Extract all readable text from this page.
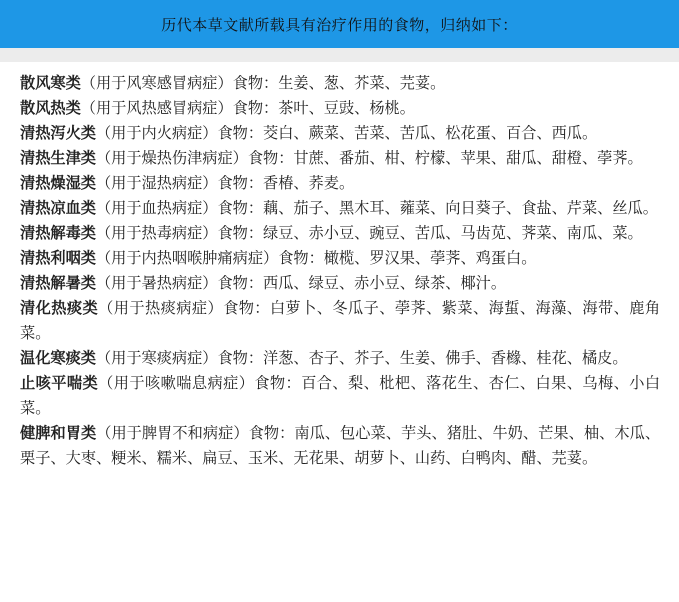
历代本草文献所载具有治疗作用的食物，归纳如下：

散风寒类（用于风寒感冒病症）食物：生姜、葱、芥菜、芫荽。

散风热类（用于风热感冒病症）食物：茶叶、豆豉、杨桃。

清热泻火类（用于内火病症）食物：茭白、蕨菜、苦菜、苦瓜、松花蛋、百合、西瓜。

清热生津类（用于燥热伤津病症）食物：甘蔗、番茄、柑、柠檬、苹果、甜瓜、甜橙、荸荠。

清热燥湿类（用于湿热病症）食物：香椿、荞麦。

清热凉血类（用于血热病症）食物：藕、茄子、黑木耳、蕹菜、向日葵子、食盐、芹菜、丝瓜。

清热解毒类（用于热毒病症）食物：绿豆、赤小豆、豌豆、苦瓜、马齿苋、荠菜、南瓜、菜。

清热利咽类（用于内热咽喉肿痛病症）食物：橄榄、罗汉果、荸荠、鸡蛋白。

清热解暑类（用于暑热病症）食物：西瓜、绿豆、赤小豆、绿茶、椰汁。

清化热痰类（用于热痰病症）食物：白萝卜、冬瓜子、荸荠、紫菜、海蜇、海藻、海带、鹿角菜。

温化寒痰类（用于寒痰病症）食物：洋葱、杏子、芥子、生姜、佛手、香橼、桂花、橘皮。

止咳平喘类（用于咳嗽喘息病症）食物：百合、梨、枇杷、落花生、杏仁、白果、乌梅、小白菜。

健脾和胃类（用于脾胃不和病症）食物：南瓜、包心菜、芋头、猪肚、牛奶、芒果、柚、木瓜、栗子、大枣、粳米、糯米、扁豆、玉米、无花果、胡萝卜、山药、白鸭肉、醋、芫荽。
